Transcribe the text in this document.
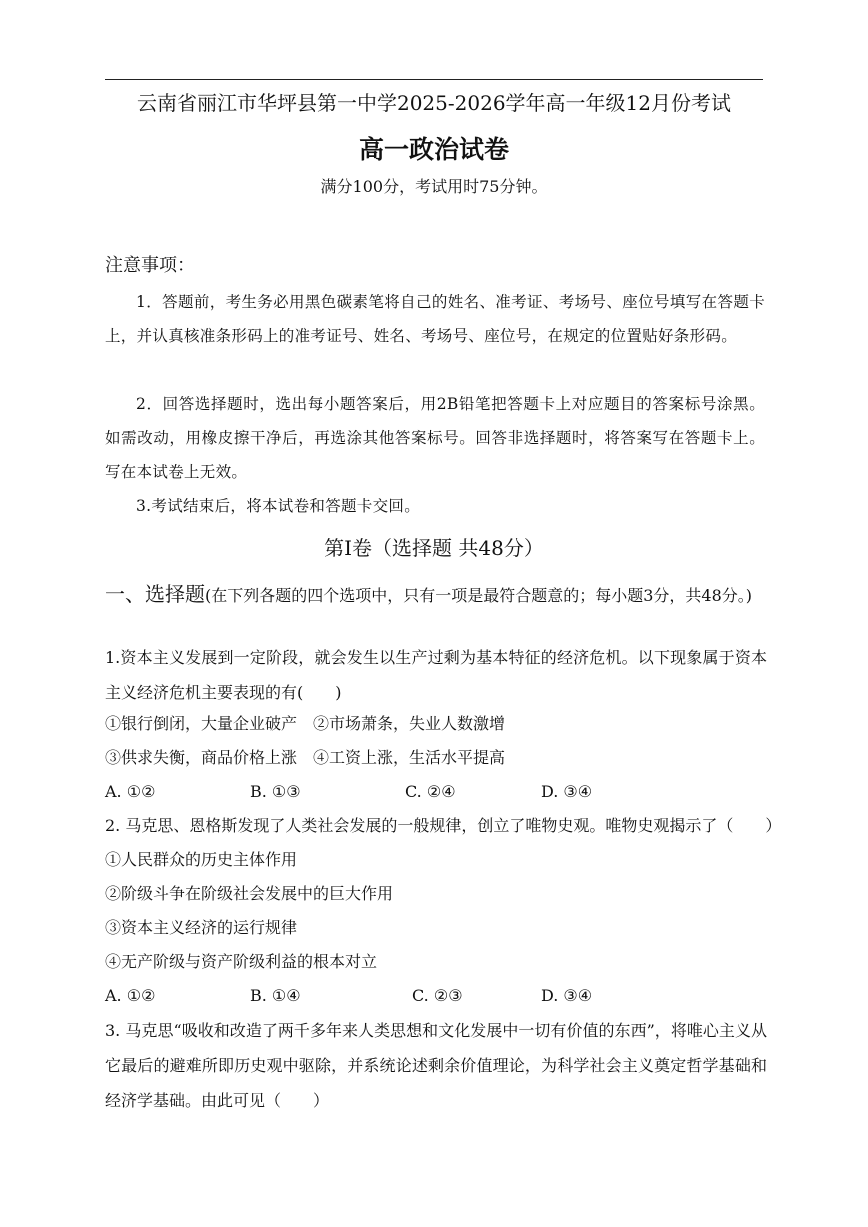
云南省丽江市华坪县第一中学2025-2026学年高一年级12月份考试
高一政治试卷
满分100分，考试用时75分钟。
注意事项：
1．答题前，考生务必用黑色碳素笔将自己的姓名、准考证、考场号、座位号填写在答题卡上，并认真核准条形码上的准考证号、姓名、考场号、座位号，在规定的位置贴好条形码。
2．回答选择题时，选出每小题答案后，用2B铅笔把答题卡上对应题目的答案标号涂黑。如需改动，用橡皮擦干净后，再选涂其他答案标号。回答非选择题时，将答案写在答题卡上。写在本试卷上无效。
3.考试结束后，将本试卷和答题卡交回。
第Ⅰ卷（选择题 共48分）
一、选择题(在下列各题的四个选项中，只有一项是最符合题意的；每小题3分，共48分。)
1.资本主义发展到一定阶段，就会发生以生产过剩为基本特征的经济危机。以下现象属于资本主义经济危机主要表现的有(　　)
①银行倒闭，大量企业破产　②市场萧条，失业人数激增
③供求失衡，商品价格上涨　④工资上涨，生活水平提高
A. ①②	B. ①③	C. ②④	D. ③④
2. 马克思、恩格斯发现了人类社会发展的一般规律，创立了唯物史观。唯物史观揭示了（　　）
①人民群众的历史主体作用
②阶级斗争在阶级社会发展中的巨大作用
③资本主义经济的运行规律
④无产阶级与资产阶级利益的根本对立
A. ①②	B. ①④	C. ②③	D. ③④
3. 马克思“吸收和改造了两千多年来人类思想和文化发展中一切有价值的东西”，将唯心主义从它最后的避难所即历史观中驱除，并系统论述剩余价值理论，为科学社会主义奠定哲学基础和经济学基础。由此可见（　　）
